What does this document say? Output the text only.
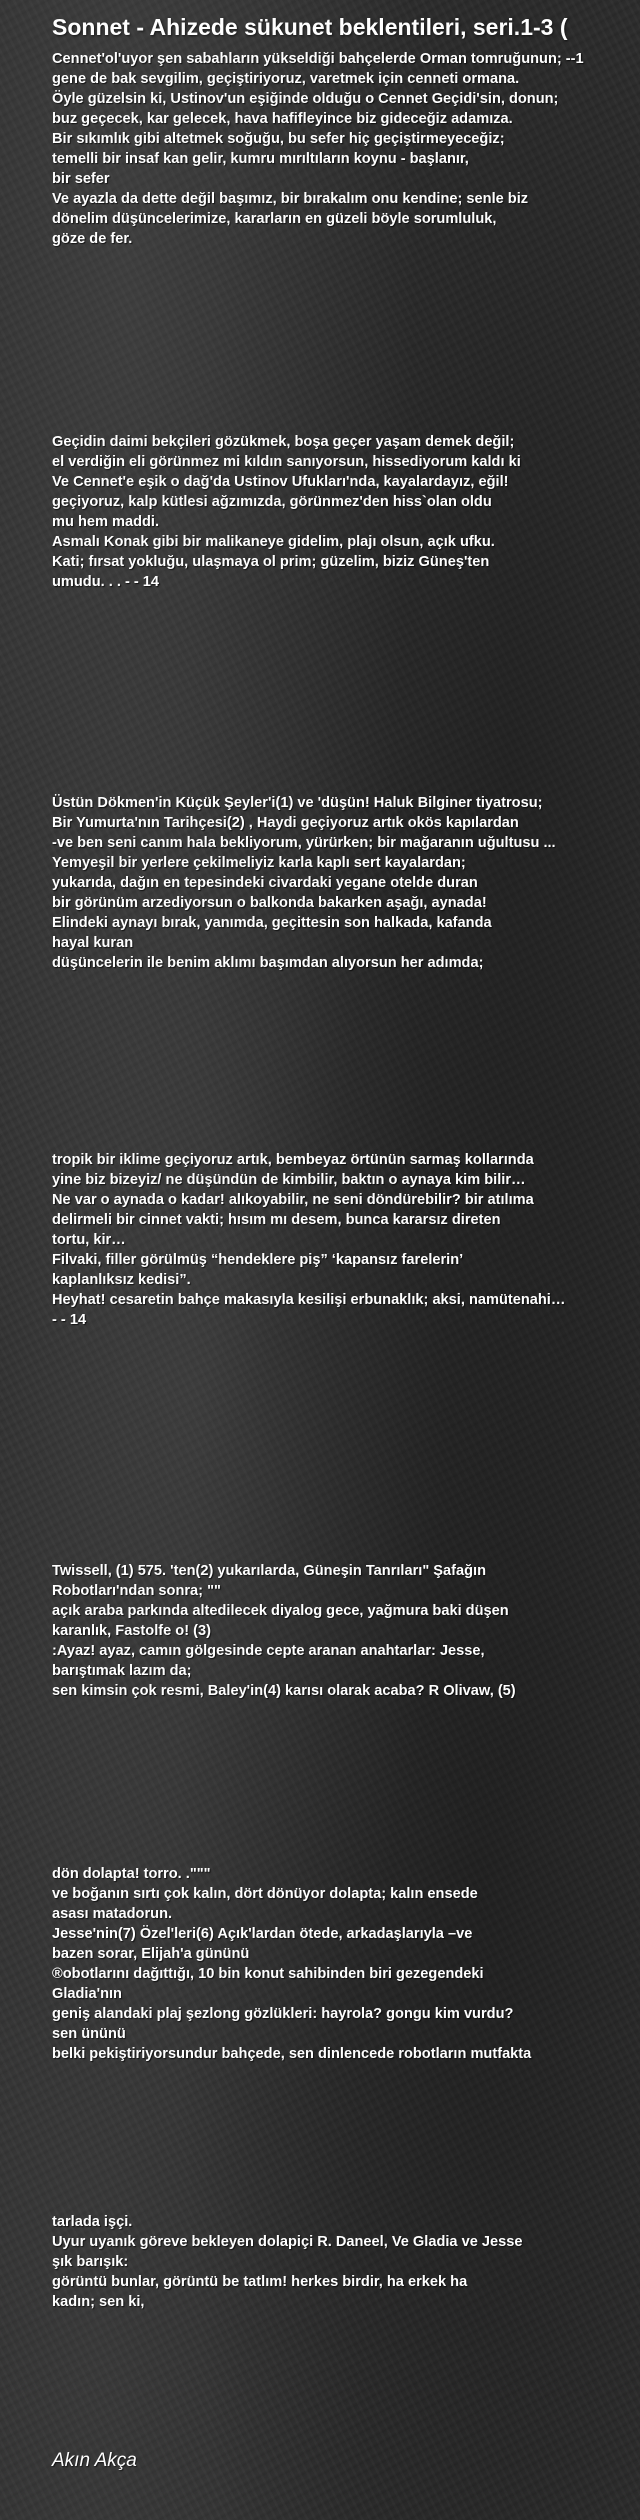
Sonnet - Ahizede sükunet beklentileri, seri.1-3 (
Cennet'ol'uyor şen sabahların yükseldiği bahçelerde Orman tomruğunun; --1
gene de bak sevgilim, geçiştiriyoruz, varetmek için cenneti ormana.
Öyle güzelsin ki, Ustinov'un eşiğinde olduğu o Cennet Geçidi'sin, donun;
buz geçecek, kar gelecek, hava hafifleyince biz gideceğiz adamıza.
Bir sıkımlık gibi altetmek soğuğu, bu sefer hiç geçiştirmeyeceğiz;
temelli bir insaf kan gelir, kumru mırıltıların koynu - başlanır,
bir sefer
Ve ayazla da dette değil başımız, bir bırakalım onu kendine; senle biz
dönelim düşüncelerimize, kararların en güzeli böyle sorumluluk,
göze de fer.
Geçidin daimi bekçileri gözükmek, boşa geçer yaşam demek değil;
el verdiğin eli görünmez mi kıldın sanıyorsun, hissediyorum kaldı ki
Ve Cennet'e eşik o dağ'da Ustinov Ufukları'nda, kayalardayız, eğil!
geçiyoruz, kalp kütlesi ağzımızda, görünmez'den hiss`olan oldu
mu hem maddi.
Asmalı Konak gibi bir malikaneye gidelim, plajı olsun, açık ufku.
Kati; fırsat yokluğu, ulaşmaya ol prim; güzelim, biziz Güneş'ten
umudu. . . - - 14
Üstün Dökmen'in Küçük Şeyler'i(1) ve 'düşün! Haluk Bilginer tiyatrosu;
Bir Yumurta'nın Tarihçesi(2) , Haydi geçiyoruz artık okös kapılardan
-ve ben seni canım hala bekliyorum, yürürken; bir mağaranın uğultusu ...
Yemyeşil bir yerlere çekilmeliyiz karla kaplı sert kayalardan;
yukarıda, dağın en tepesindeki civardaki yegane otelde duran
bir görünüm arzediyorsun o balkonda bakarken aşağı, aynada!
Elindeki aynayı bırak, yanımda, geçittesin son halkada, kafanda
hayal kuran
düşüncelerin ile benim aklımı başımdan alıyorsun her adımda;
tropik bir iklime geçiyoruz artık, bembeyaz örtünün sarmaş kollarında
yine biz bizeyiz/ ne düşündün de kimbilir, baktın o aynaya kim bilir…
Ne var o aynada o kadar! alıkoyabilir, ne seni döndürebilir? bir atılıma
delirmeli bir cinnet vakti; hısım mı desem, bunca kararsız direten
tortu, kir…
Filvaki, filler görülmüş “hendeklere piş” ‘kapansız farelerin’
kaplanlıksız kedisi”.
Heyhat! cesaretin bahçe makasıyla kesilişi erbunaklık; aksi, namütenahi…
- - 14
Twissell, (1) 575. 'ten(2) yukarılarda, Güneşin Tanrıları" Şafağın
Robotları'ndan sonra; ""
açık araba parkında altedilecek diyalog gece, yağmura baki düşen
karanlık, Fastolfe o! (3)
:Ayaz! ayaz, camın gölgesinde cepte aranan anahtarlar: Jesse,
barıştımak lazım da;
sen kimsin çok resmi, Baley'in(4) karısı olarak acaba? R Olivaw, (5)
dön dolapta! torro. ."""
ve boğanın sırtı çok kalın, dört dönüyor dolapta; kalın ensede
asası matadorun.
Jesse'nin(7) Özel'leri(6) Açık'lardan ötede, arkadaşlarıyla –ve
bazen sorar, Elijah'a gününü
®obotlarını dağıttığı, 10 bin konut sahibinden biri gezegendeki
Gladia'nın
geniş alandaki plaj şezlong gözlükleri: hayrola? gongu kim vurdu?
sen ününü
belki pekiştiriyorsundur bahçede, sen dinlencede robotların mutfakta
tarlada işçi.
Uyur uyanık göreve bekleyen dolapiçi R. Daneel, Ve Gladia ve Jesse
şık barışık:
görüntü bunlar, görüntü be tatlım! herkes birdir, ha erkek ha
kadın; sen ki,
Akın Akça
